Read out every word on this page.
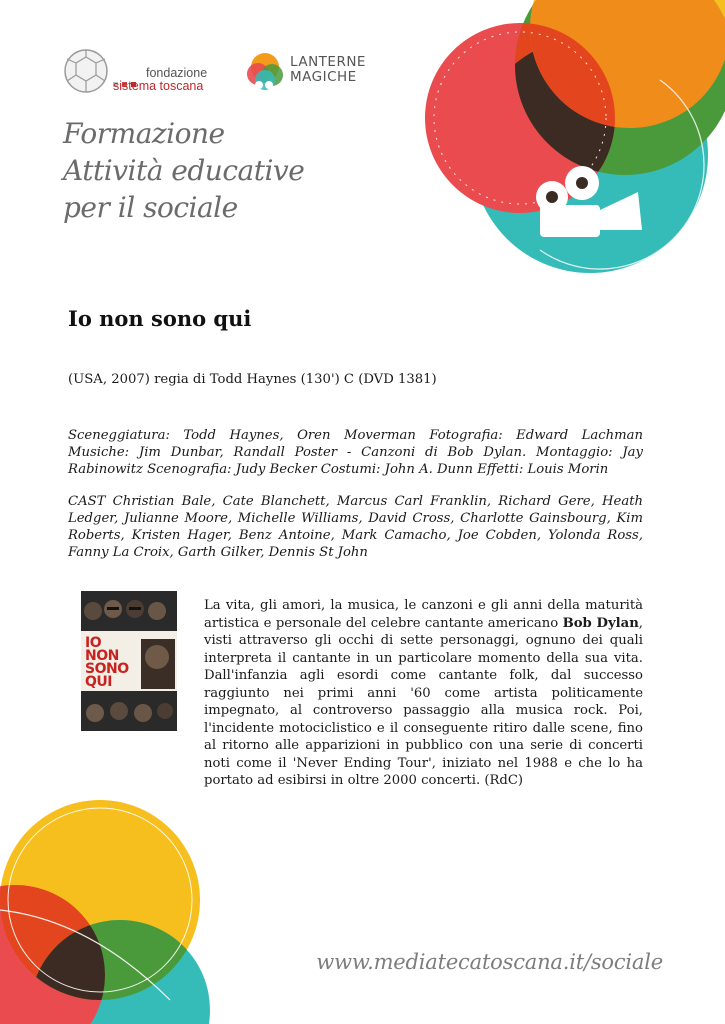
fondazione
sistema toscana
LANTERNE
MAGICHE
Formazione
Attività educative
per il sociale
Io non sono qui
(USA, 2007) regia di Todd Haynes (130') C (DVD 1381)
Sceneggiatura: Todd Haynes, Oren Moverman Fotografia: Edward Lachman Musiche: Jim Dunbar, Randall Poster - Canzoni di Bob Dylan. Montaggio: Jay Rabinowitz Scenografia: Judy Becker Costumi: John A. Dunn Effetti: Louis Morin
CAST Christian Bale, Cate Blanchett, Marcus Carl Franklin, Richard Gere, Heath Ledger, Julianne Moore, Michelle Williams, David Cross, Charlotte Gainsbourg, Kim Roberts, Kristen Hager, Benz Antoine, Mark Camacho, Joe Cobden, Yolonda Ross, Fanny La Croix, Garth Gilker, Dennis St John
IO
NON
SONO
QUI
La vita, gli amori, la musica, le canzoni e gli anni della maturità artistica e personale del celebre cantante americano Bob Dylan, visti attraverso gli occhi di sette personaggi, ognuno dei quali interpreta il cantante in un particolare momento della sua vita. Dall'infanzia agli esordi come cantante folk, dal successo raggiunto nei primi anni '60 come artista politicamente impegnato, al controverso passaggio alla musica rock. Poi, l'incidente motociclistico e il conseguente ritiro dalle scene, fino al ritorno alle apparizioni in pubblico con una serie di concerti noti come il 'Never Ending Tour', iniziato nel 1988 e che lo ha portato ad esibirsi in oltre 2000 concerti. (RdC)
www.mediatecatoscana.it/sociale
